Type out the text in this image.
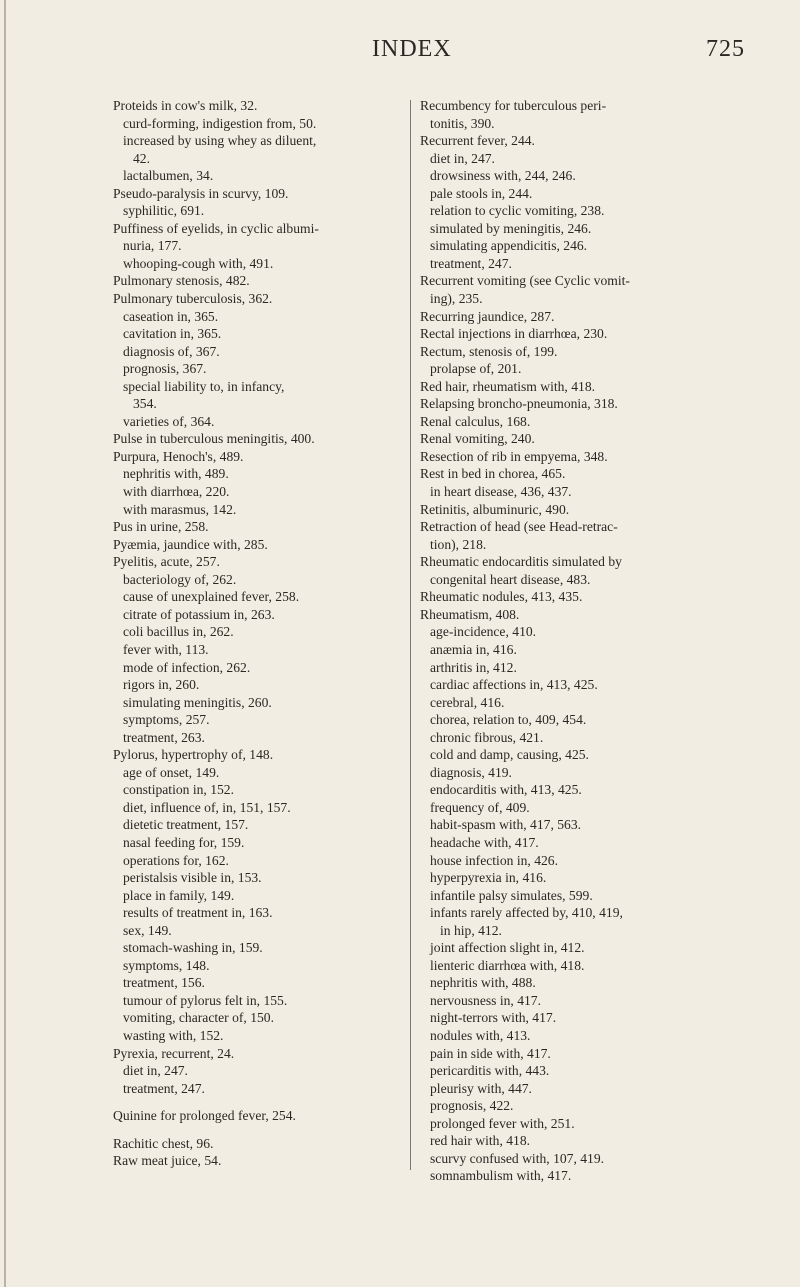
INDEX	725
Proteids in cow's milk, 32.
curd-forming, indigestion from, 50.
increased by using whey as diluent,
42.
lactalbumen, 34.
Pseudo-paralysis in scurvy, 109.
syphilitic, 691.
Puffiness of eyelids, in cyclic albumi-
nuria, 177.
whooping-cough with, 491.
Pulmonary stenosis, 482.
Pulmonary tuberculosis, 362.
caseation in, 365.
cavitation in, 365.
diagnosis of, 367.
prognosis, 367.
special liability to, in infancy,
354.
varieties of, 364.
Pulse in tuberculous meningitis, 400.
Purpura, Henoch's, 489.
nephritis with, 489.
with diarrhœa, 220.
with marasmus, 142.
Pus in urine, 258.
Pyæmia, jaundice with, 285.
Pyelitis, acute, 257.
bacteriology of, 262.
cause of unexplained fever, 258.
citrate of potassium in, 263.
coli bacillus in, 262.
fever with, 113.
mode of infection, 262.
rigors in, 260.
simulating meningitis, 260.
symptoms, 257.
treatment, 263.
Pylorus, hypertrophy of, 148.
age of onset, 149.
constipation in, 152.
diet, influence of, in, 151, 157.
dietetic treatment, 157.
nasal feeding for, 159.
operations for, 162.
peristalsis visible in, 153.
place in family, 149.
results of treatment in, 163.
sex, 149.
stomach-washing in, 159.
symptoms, 148.
treatment, 156.
tumour of pylorus felt in, 155.
vomiting, character of, 150.
wasting with, 152.
Pyrexia, recurrent, 24.
diet in, 247.
treatment, 247.
Quinine for prolonged fever, 254.
Rachitic chest, 96.
Raw meat juice, 54.
Recumbency for tuberculous peri-
tonitis, 390.
Recurrent fever, 244.
diet in, 247.
drowsiness with, 244, 246.
pale stools in, 244.
relation to cyclic vomiting, 238.
simulated by meningitis, 246.
simulating appendicitis, 246.
treatment, 247.
Recurrent vomiting (see Cyclic vomit-
ing), 235.
Recurring jaundice, 287.
Rectal injections in diarrhœa, 230.
Rectum, stenosis of, 199.
prolapse of, 201.
Red hair, rheumatism with, 418.
Relapsing broncho-pneumonia, 318.
Renal calculus, 168.
Renal vomiting, 240.
Resection of rib in empyema, 348.
Rest in bed in chorea, 465.
in heart disease, 436, 437.
Retinitis, albuminuric, 490.
Retraction of head (see Head-retrac-
tion), 218.
Rheumatic endocarditis simulated by
congenital heart disease, 483.
Rheumatic nodules, 413, 435.
Rheumatism, 408.
age-incidence, 410.
anæmia in, 416.
arthritis in, 412.
cardiac affections in, 413, 425.
cerebral, 416.
chorea, relation to, 409, 454.
chronic fibrous, 421.
cold and damp, causing, 425.
diagnosis, 419.
endocarditis with, 413, 425.
frequency of, 409.
habit-spasm with, 417, 563.
headache with, 417.
house infection in, 426.
hyperpyrexia in, 416.
infantile palsy simulates, 599.
infants rarely affected by, 410, 419,
in hip, 412.
joint affection slight in, 412.
lienteric diarrhœa with, 418.
nephritis with, 488.
nervousness in, 417.
night-terrors with, 417.
nodules with, 413.
pain in side with, 417.
pericarditis with, 443.
pleurisy with, 447.
prognosis, 422.
prolonged fever with, 251.
red hair with, 418.
scurvy confused with, 107, 419.
somnambulism with, 417.
